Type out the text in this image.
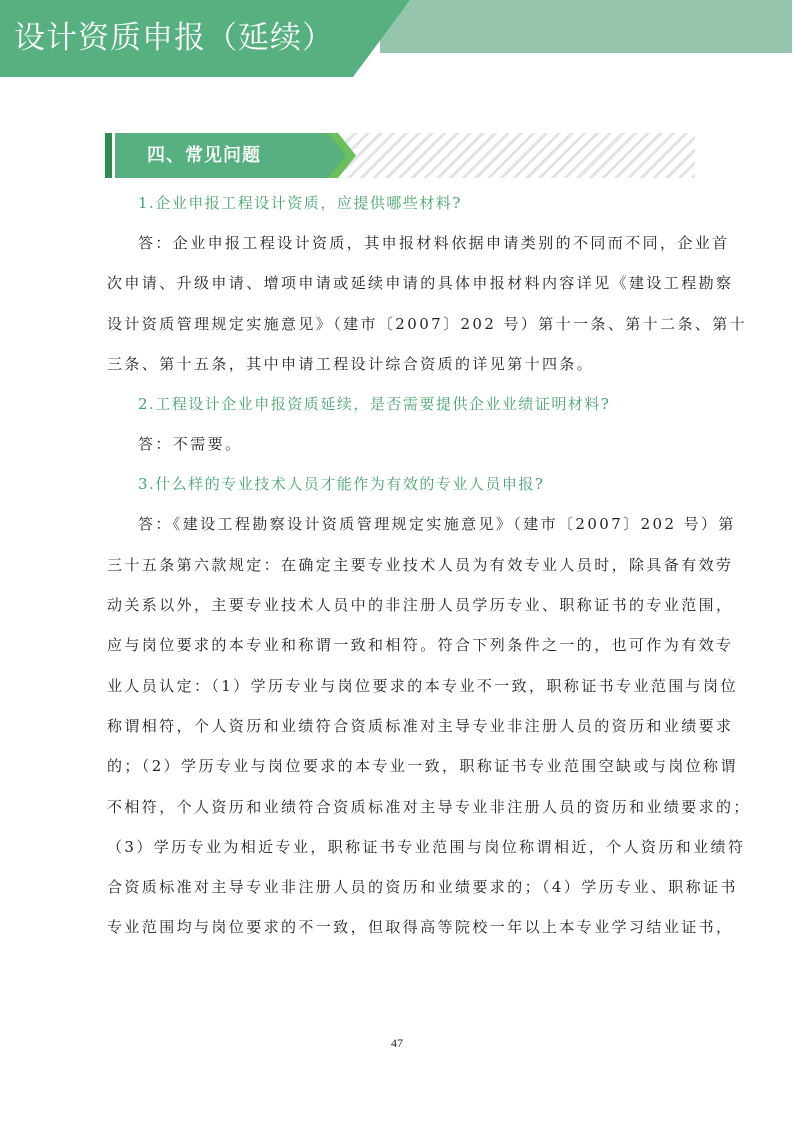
设计资质申报（延续）
四、常见问题
1.企业申报工程设计资质，应提供哪些材料?
答：企业申报工程设计资质，其申报材料依据申请类别的不同而不同，企业首
次申请、升级申请、增项申请或延续申请的具体申报材料内容详见《建设工程勘察
设计资质管理规定实施意见》（建市〔2007〕202 号）第十一条、第十二条、第十
三条、第十五条，其中申请工程设计综合资质的详见第十四条。
2.工程设计企业申报资质延续，是否需要提供企业业绩证明材料?
答：不需要。
3.什么样的专业技术人员才能作为有效的专业人员申报?
答：《建设工程勘察设计资质管理规定实施意见》（建市〔2007〕202 号）第
三十五条第六款规定：在确定主要专业技术人员为有效专业人员时，除具备有效劳
动关系以外，主要专业技术人员中的非注册人员学历专业、职称证书的专业范围，
应与岗位要求的本专业和称谓一致和相符。符合下列条件之一的，也可作为有效专
业人员认定：（1）学历专业与岗位要求的本专业不一致，职称证书专业范围与岗位
称谓相符，个人资历和业绩符合资质标准对主导专业非注册人员的资历和业绩要求
的；（2）学历专业与岗位要求的本专业一致，职称证书专业范围空缺或与岗位称谓
不相符，个人资历和业绩符合资质标准对主导专业非注册人员的资历和业绩要求的；
（3）学历专业为相近专业，职称证书专业范围与岗位称谓相近，个人资历和业绩符
合资质标准对主导专业非注册人员的资历和业绩要求的；（4）学历专业、职称证书
专业范围均与岗位要求的不一致，但取得高等院校一年以上本专业学习结业证书，
47
